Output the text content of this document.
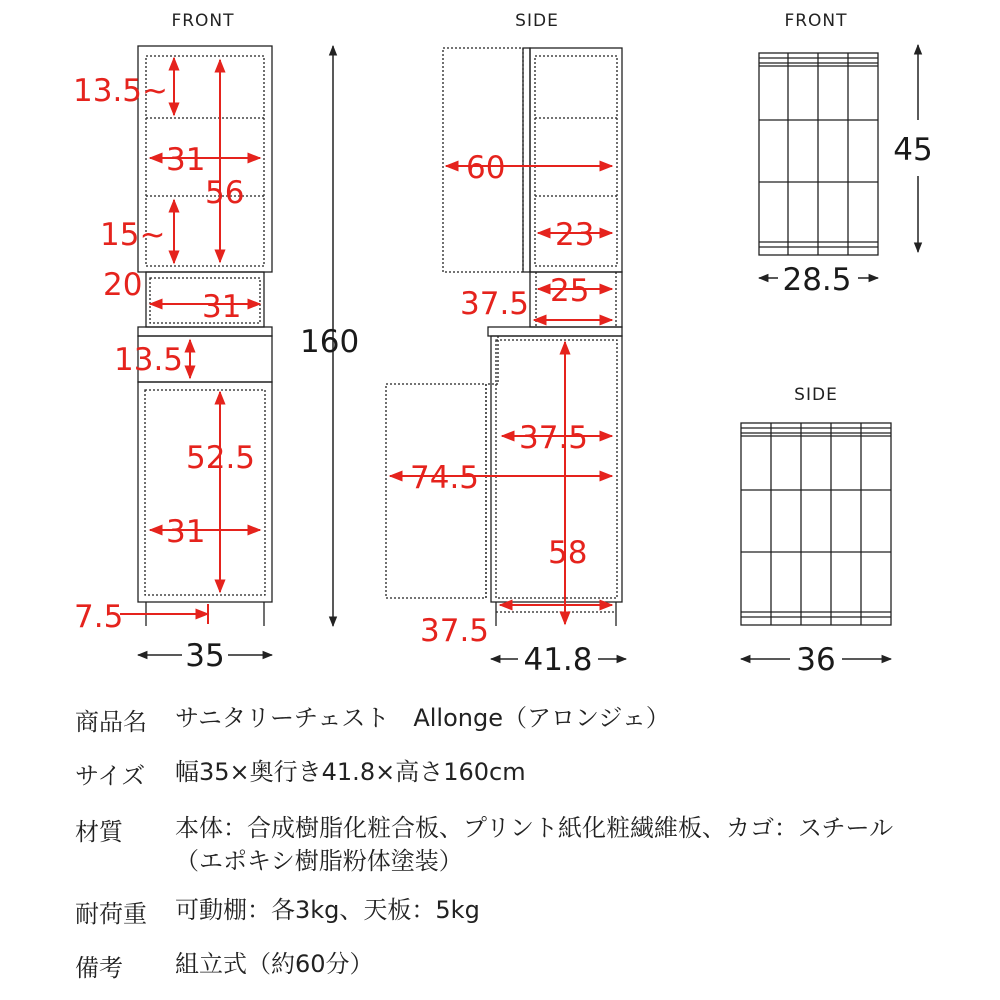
FRONT	SIDE	FRONT
SIDE
13.5~
31
56
15~
20
31
13.5
52.5
31
7.5
160
35
60
23
25
37.5
37.5
74.5
58
37.5
41.8
45
28.5
36
商品名	サニタリーチェスト　Allonge（アロンジェ）
サイズ	幅35×奥行き41.8×高さ160cm
材質	本体：合成樹脂化粧合板、プリント紙化粧繊維板、カゴ：スチール
（エポキシ樹脂粉体塗装）
耐荷重	可動棚：各3kg、天板：5kg
備考	組立式（約60分）
